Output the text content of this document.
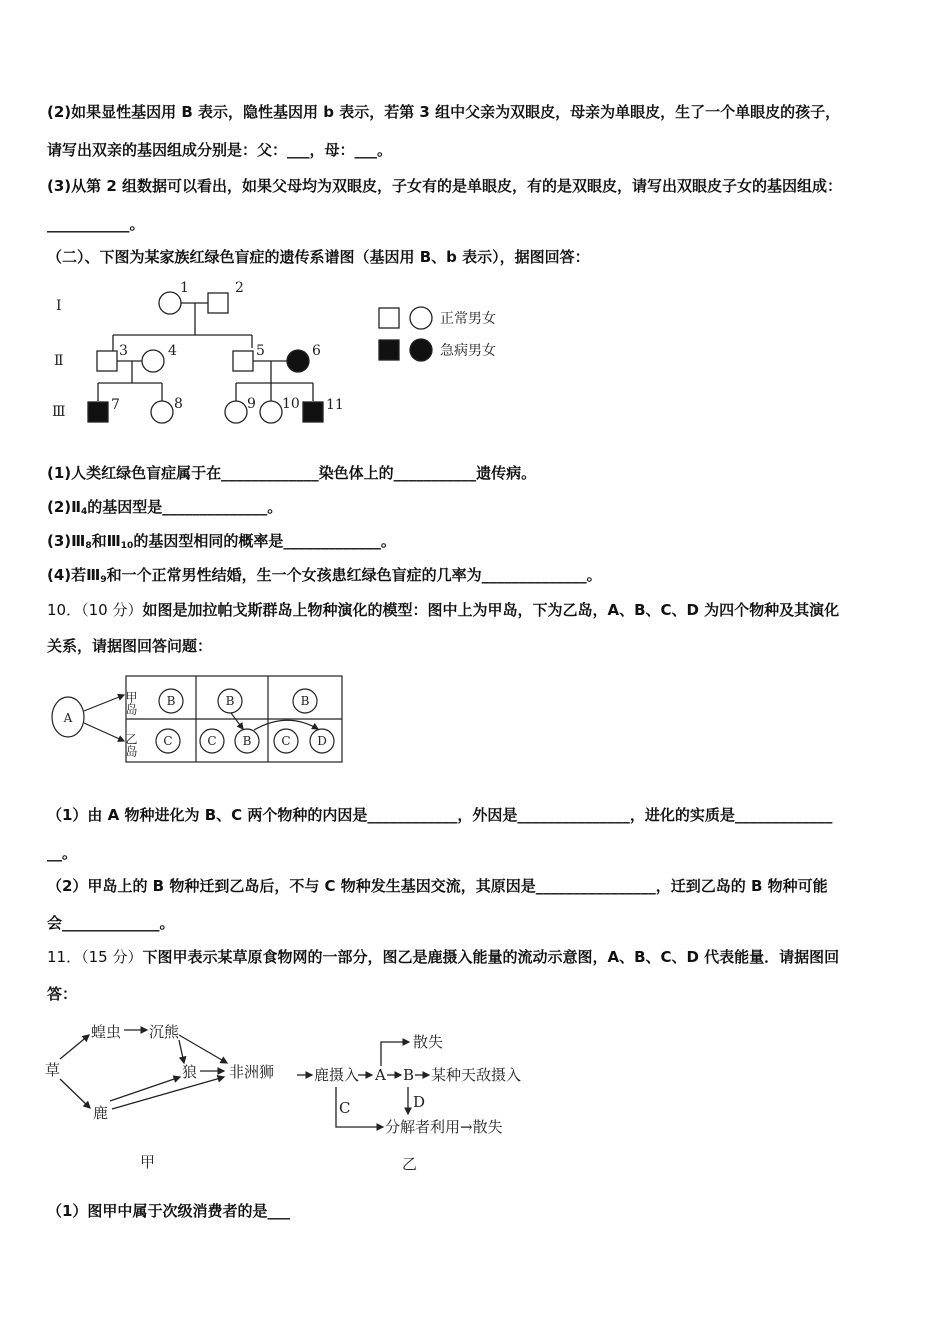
(2)如果显性基因用 B 表示，隐性基因用 b 表示，若第 3 组中父亲为双眼皮，母亲为单眼皮，生了一个单眼皮的孩子，
请写出双亲的基因组成分别是：父：___，母：___。
(3)从第 2 组数据可以看出，如果父母均为双眼皮，子女有的是单眼皮，有的是双眼皮，请写出双眼皮子女的基因组成：
___________。
（二）、下图为某家族红绿色盲症的遗传系谱图（基因用 B、b 表示），据图回答：
Ⅰ
Ⅱ
Ⅲ
1	2
3	4	5	6
7	8	9 10 11
正常男女
急病男女
(1)人类红绿色盲症属于在_____________染色体上的___________遗传病。
$(2)Ⅱ_4$的基因型是______________。
$(3)Ⅲ_8$和$Ⅲ_{10}$的基因型相同的概率是_____________。
(4)若$Ⅲ_9$和一个正常男性结婚，生一个女孩患红绿色盲症的几率为______________。
10．（10 分）如图是加拉帕戈斯群岛上物种演化的模型：图中上为甲岛，下为乙岛，A、B、C、D 为四个物种及其演化
关系，请据图回答问题：
A
B	B	B
C	C B C D
甲岛
乙岛
（1）由 A 物种进化为 B、C 两个物种的内因是____________，外因是_______________，进化的实质是_____________
__。
（2）甲岛上的 B 物种迁到乙岛后，不与 C 物种发生基因交流，其原因是________________，迁到乙岛的 B 物种可能
会_____________。
11．（15 分）下图甲表示某草原食物网的一部分，图乙是鹿摄入能量的流动示意图，A、B、C、D 代表能量．请据图回
答：
草
蝗虫 沉熊
狼 非洲狮
鹿
甲
鹿摄入 A B 某种天敌摄入
散失
C	D
分解者利用→散失
乙
（1）图甲中属于次级消费者的是___
